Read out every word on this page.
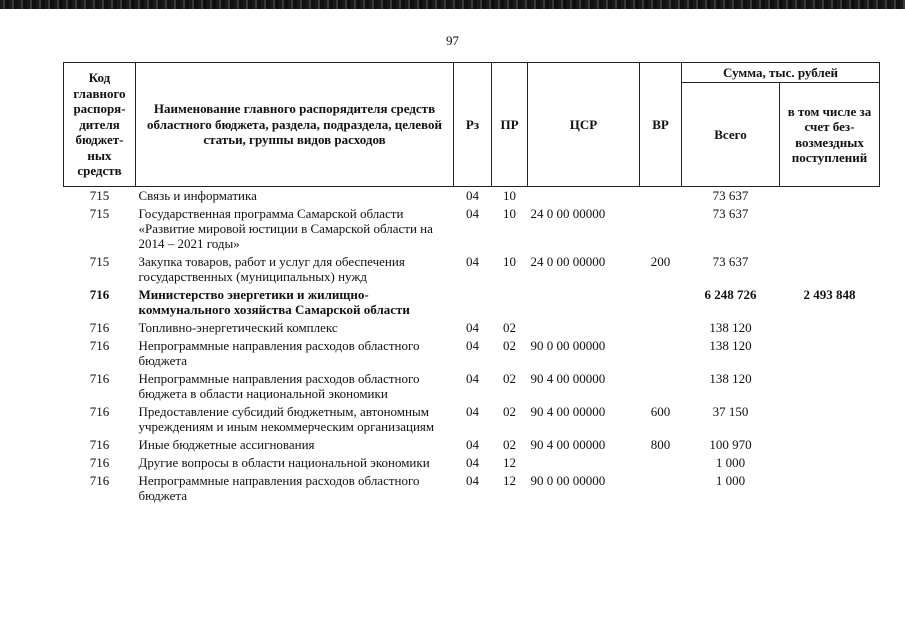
97
Код главного распоря-дителя бюджет-ных средств	Наименование главного распорядителя средств областного бюджета, раздела, подраздела, целевой статьи, группы видов расходов	Рз	ПР	ЦСР	ВР	Сумма, тыс. рублей	
						Всего	в том числе за счет без-возмездных поступлений
715	Связь и информатика	04	10			73 637	
715	Государственная программа Самарской области «Развитие мировой юстиции в Самарской области на 2014 – 2021 годы»	04	10	24 0 00 00000		73 637	
715	Закупка товаров, работ и услуг для обеспечения государственных (муниципальных) нужд	04	10	24 0 00 00000	200	73 637	
716	Министерство энергетики и жилищно-коммунального хозяйства Самарской области					6 248 726	2 493 848
716	Топливно-энергетический комплекс	04	02			138 120	
716	Непрограммные направления расходов областного бюджета	04	02	90 0 00 00000		138 120	
716	Непрограммные направления расходов областного бюджета в области национальной экономики	04	02	90 4 00 00000		138 120	
716	Предоставление субсидий бюджетным, автономным учреждениям и иным некоммерческим организациям	04	02	90 4 00 00000	600	37 150	
716	Иные бюджетные ассигнования	04	02	90 4 00 00000	800	100 970	
716	Другие вопросы в области национальной экономики	04	12			1 000	
716	Непрограммные направления расходов областного бюджета	04	12	90 0 00 00000		1 000	
